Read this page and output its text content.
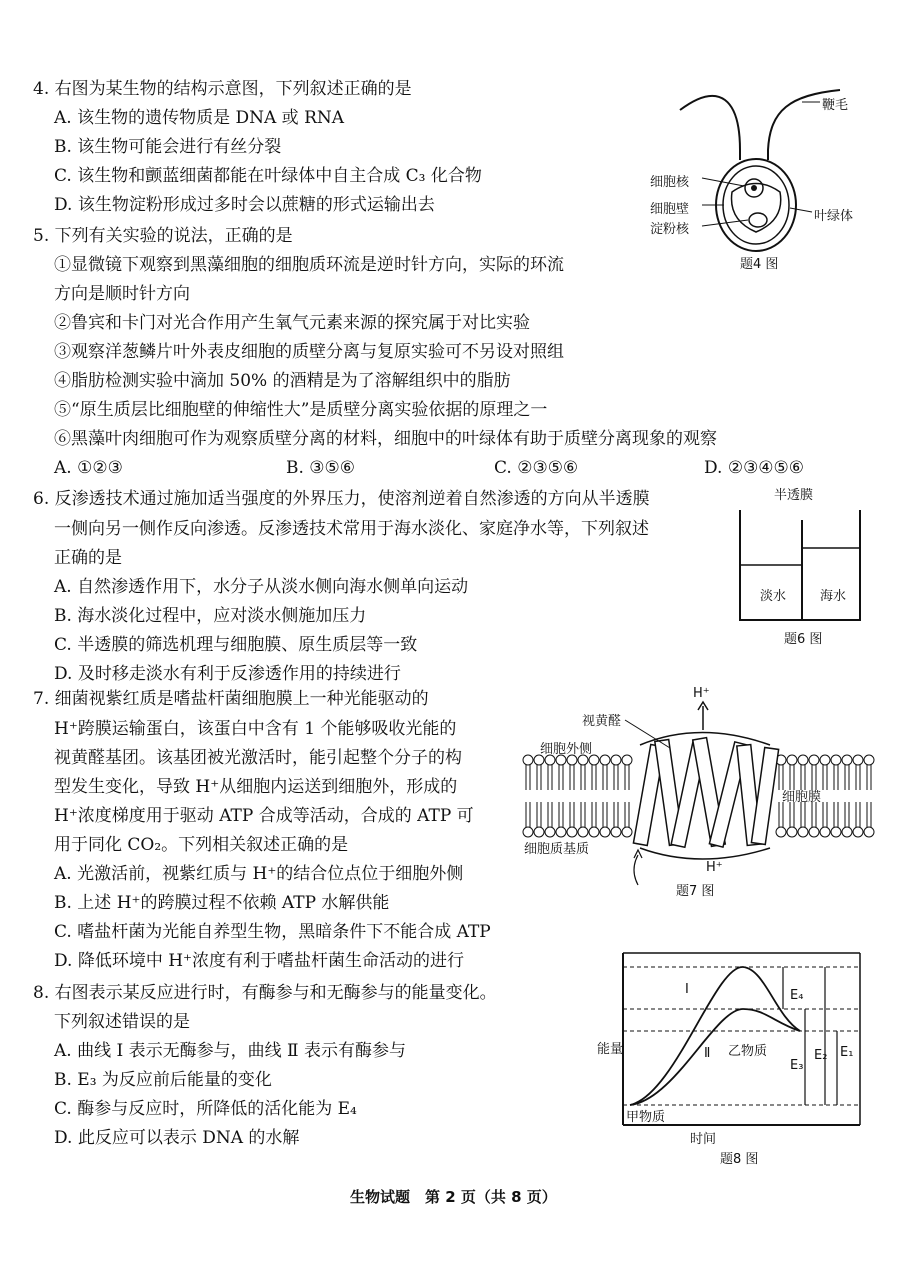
4. 右图为某生物的结构示意图，下列叙述正确的是
A. 该生物的遗传物质是 DNA 或 RNA
B. 该生物可能会进行有丝分裂
C. 该生物和颤蓝细菌都能在叶绿体中自主合成 C₃ 化合物
D. 该生物淀粉形成过多时会以蔗糖的形式运输出去
鞭毛
细胞核
细胞壁
淀粉核
叶绿体
题4 图
5. 下列有关实验的说法，正确的是
①显微镜下观察到黑藻细胞的细胞质环流是逆时针方向，实际的环流
方向是顺时针方向
②鲁宾和卡门对光合作用产生氧气元素来源的探究属于对比实验
③观察洋葱鳞片叶外表皮细胞的质壁分离与复原实验可不另设对照组
④脂肪检测实验中滴加 50% 的酒精是为了溶解组织中的脂肪
⑤“原生质层比细胞壁的伸缩性大”是质壁分离实验依据的原理之一
⑥黑藻叶肉细胞可作为观察质壁分离的材料，细胞中的叶绿体有助于质壁分离现象的观察
A. ①②③	B. ③⑤⑥	C. ②③⑤⑥	D. ②③④⑤⑥
6. 反渗透技术通过施加适当强度的外界压力，使溶剂逆着自然渗透的方向从半透膜
一侧向另一侧作反向渗透。反渗透技术常用于海水淡化、家庭净水等，下列叙述
正确的是
A. 自然渗透作用下，水分子从淡水侧向海水侧单向运动
B. 海水淡化过程中，应对淡水侧施加压力
C. 半透膜的筛选机理与细胞膜、原生质层等一致
D. 及时移走淡水有利于反渗透作用的持续进行
半透膜
淡水	海水
题6 图
7. 细菌视紫红质是嗜盐杆菌细胞膜上一种光能驱动的
H⁺跨膜运输蛋白，该蛋白中含有 1 个能够吸收光能的
视黄醛基团。该基团被光激活时，能引起整个分子的构
型发生变化，导致 H⁺从细胞内运送到细胞外，形成的
H⁺浓度梯度用于驱动 ATP 合成等活动，合成的 ATP 可
用于同化 CO₂。下列相关叙述正确的是
A. 光激活前，视紫红质与 H⁺的结合位点位于细胞外侧
B. 上述 H⁺的跨膜过程不依赖 ATP 水解供能
C. 嗜盐杆菌为光能自养型生物，黑暗条件下不能合成 ATP
D. 降低环境中 H⁺浓度有利于嗜盐杆菌生命活动的进行
H⁺
视黄醛
细胞外侧
细胞膜
细胞质基质
H⁺
题7 图
8. 右图表示某反应进行时，有酶参与和无酶参与的能量变化。
下列叙述错误的是
A. 曲线 Ⅰ 表示无酶参与，曲线 Ⅱ 表示有酶参与
B. E₃ 为反应前后能量的变化
C. 酶参与反应时，所降低的活化能为 E₄
D. 此反应可以表示 DNA 的水解
能量
Ⅰ
Ⅱ
E₄
乙物质
E₃
E₂ E₁
甲物质
时间
题8 图
生物试题　第 2 页（共 8 页）
